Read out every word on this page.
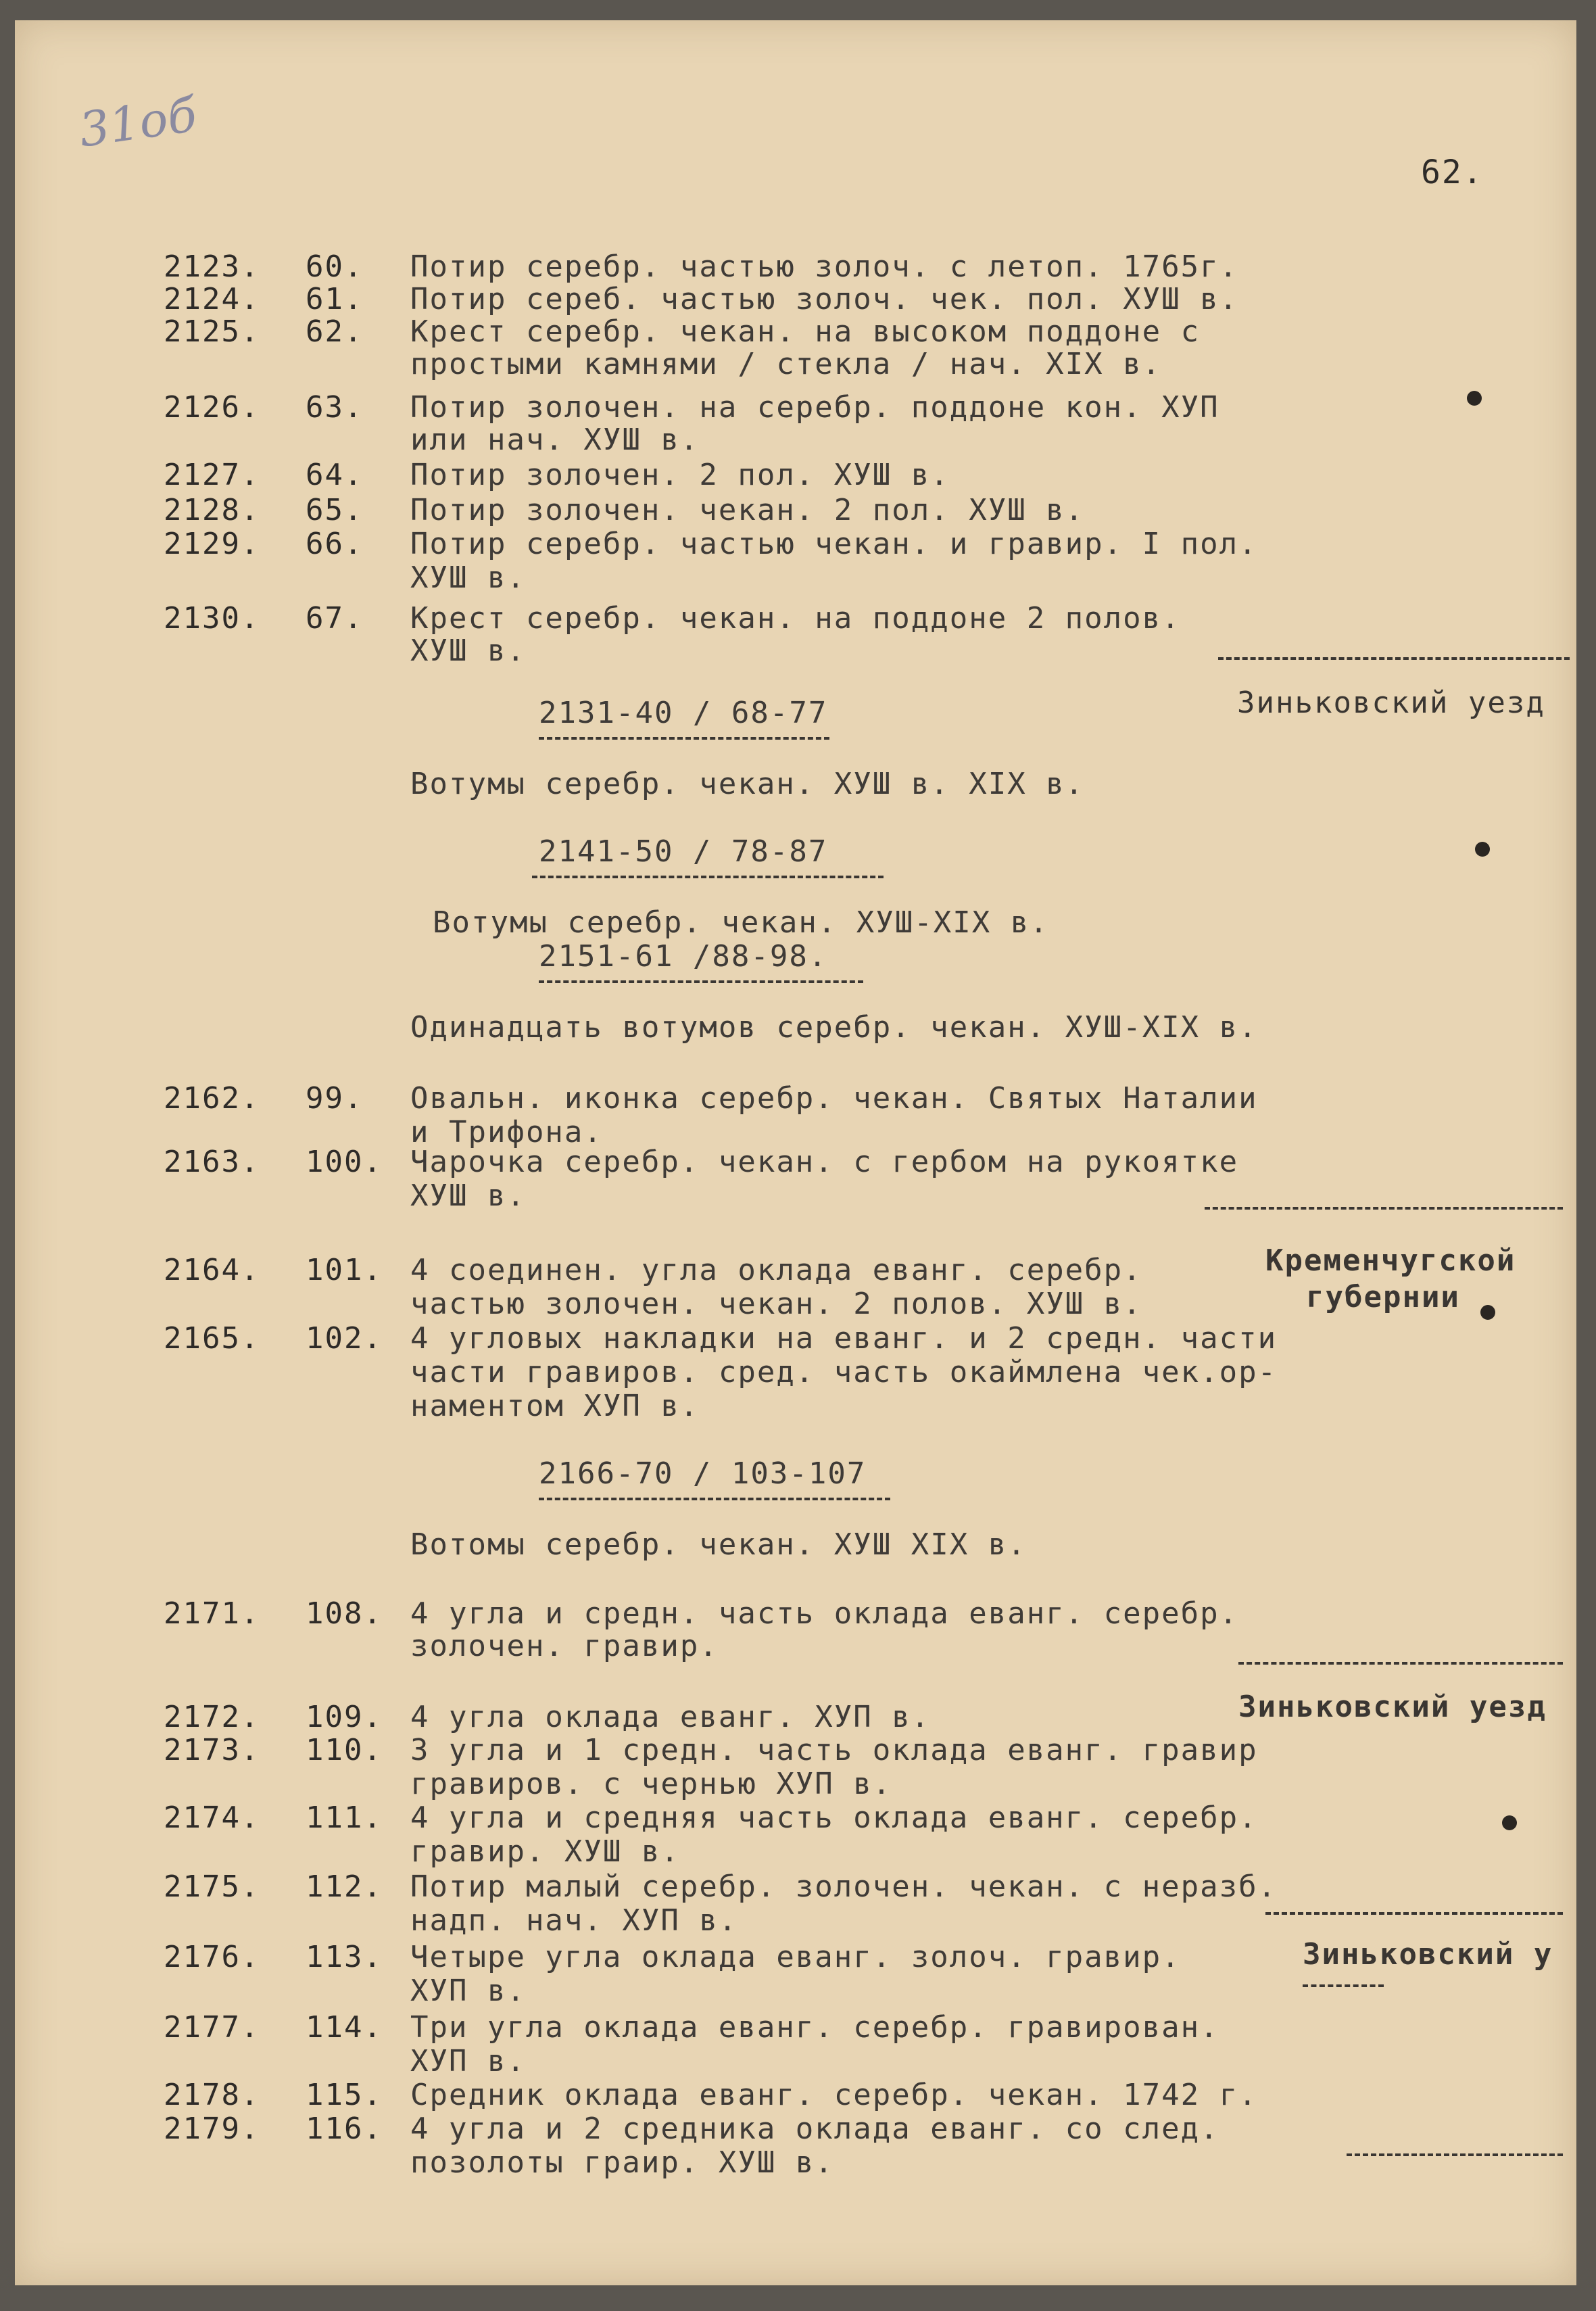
31об
62.
2123. 60. Потир серебр. частью золоч. с летоп. 1765г.
2124. 61. Потир сереб. частью золоч. чек. пол. ХУШ в.
2125. 62. Крест серебр. чекан. на высоком поддоне с
простыми камнями / стекла / нач. ХIХ в.
2126. 63. Потир золочен. на серебр. поддоне кон. ХУП
или нач. ХУШ в.
2127. 64. Потир золочен. 2 пол. ХУШ в.
2128. 65. Потир золочен. чекан. 2 пол. ХУШ в.
2129. 66. Потир серебр. частью чекан. и гравир. I пол.
ХУШ в.
2130. 67. Крест серебр. чекан. на поддоне 2 полов.
ХУШ в.
2131-40 / 68-77
Вотумы серебр. чекан. ХУШ в. ХIХ в.
2141-50 / 78-87
Вотумы серебр. чекан. ХУШ-ХIХ в.
2151-61 /88-98.
Одинадцать вотумов серебр. чекан. ХУШ-ХIХ в.
2162. 99. Овальн. иконка серебр. чекан. Святых Наталии
и Трифона.
2163. 100. Чарочка серебр. чекан. с гербом на рукоятке
ХУШ в.
2164. 101. 4 соединен. угла оклада еванг. серебр.
частью золочен. чекан. 2 полов. ХУШ в.
2165. 102. 4 угловых накладки на еванг. и 2 средн. части
части гравиров. сред. часть окаймлена чек.ор-
наментом ХУП в.
2166-70 / 103-107
Вотомы серебр. чекан. ХУШ ХIХ в.
2171. 108. 4 угла и средн. часть оклада еванг. серебр.
золочен. гравир.
2172. 109. 4 угла оклада еванг. ХУП в.
2173. 110. 3 угла и 1 средн. часть оклада еванг. гравир
гравиров. с чернью ХУП в.
2174. 111. 4 угла и средняя часть оклада еванг. серебр.
гравир. ХУШ в.
2175. 112. Потир малый серебр. золочен. чекан. с неразб.
надп. нач. ХУП в.
2176. 113. Четыре угла оклада еванг. золоч. гравир.
ХУП в.
2177. 114. Три угла оклада еванг. серебр. гравирован.
ХУП в.
2178. 115. Средник оклада еванг. серебр. чекан. 1742 г.
2179. 116. 4 угла и 2 средника оклада еванг. со след.
позолоты граир. ХУШ в.
Зиньковский уезд
Кременчугской
губернии
Зиньковский уезд
Зиньковский у
